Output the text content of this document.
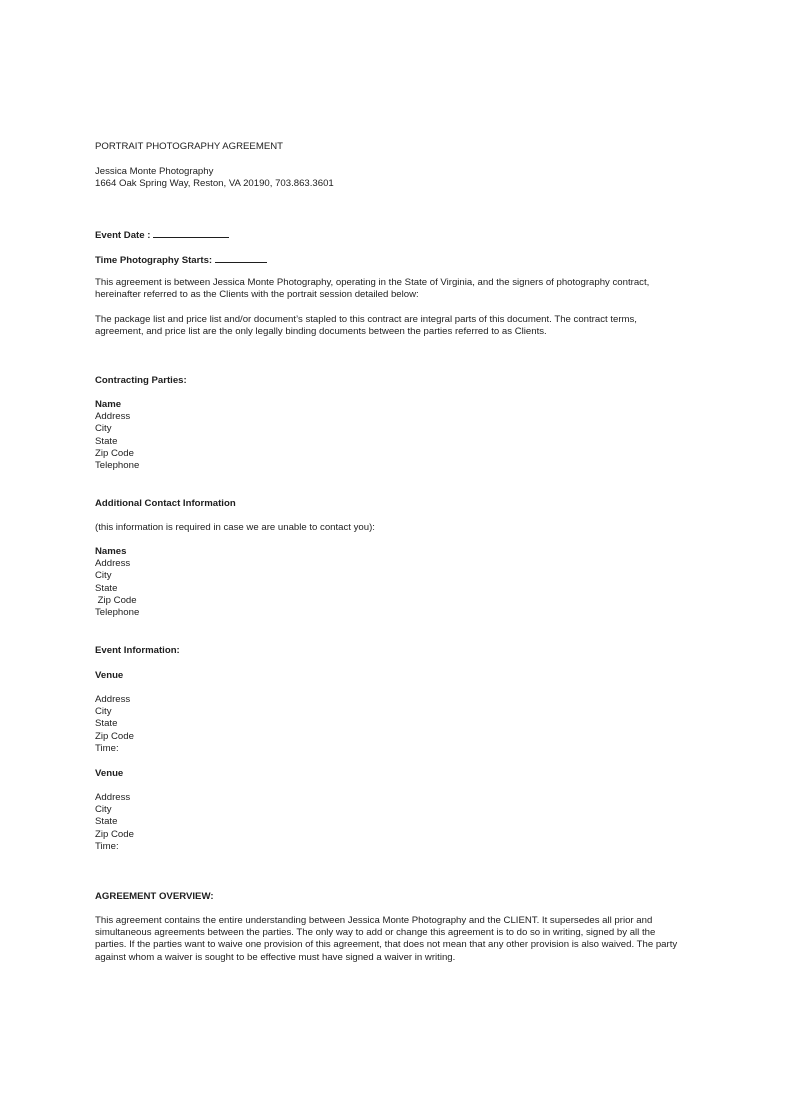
PORTRAIT PHOTOGRAPHY AGREEMENT
Jessica Monte Photography
1664 Oak Spring Way, Reston, VA 20190, 703.863.3601
Event Date :
Time Photography Starts:
This agreement is between Jessica Monte Photography, operating in the State of Virginia, and the signers of photography contract,
hereinafter referred to as the Clients with the portrait session detailed below:
The package list and price list and/or document’s stapled to this contract are integral parts of this document. The contract terms,
agreement, and price list are the only legally binding documents between the parties referred to as Clients.
Contracting Parties:
Name
Address
City
State
Zip Code
Telephone
Additional Contact Information
(this information is required in case we are unable to contact you):
Names
Address
City
State
Zip Code
Telephone
Event Information:
Venue
Address
City
State
Zip Code
Time:
Venue
Address
City
State
Zip Code
Time:
AGREEMENT OVERVIEW:
This agreement contains the entire understanding between Jessica Monte Photography and the CLIENT. It supersedes all prior and
simultaneous agreements between the parties. The only way to add or change this agreement is to do so in writing, signed by all the
parties. If the parties want to waive one provision of this agreement, that does not mean that any other provision is also waived. The party
against whom a waiver is sought to be effective must have signed a waiver in writing.
